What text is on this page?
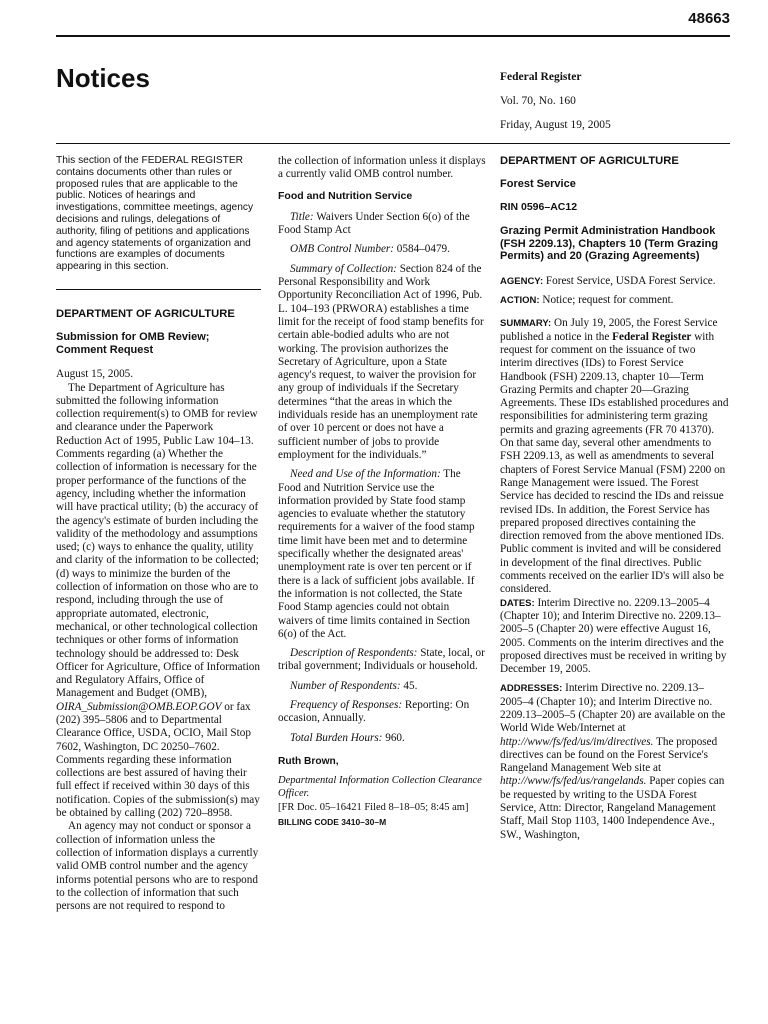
48663
Notices	Federal Register
Vol. 70, No. 160
Friday, August 19, 2005

This section of the FEDERAL REGISTER contains documents other than rules or proposed rules that are applicable to the public. Notices of hearings and investigations, committee meetings, agency decisions and rulings, delegations of authority, filing of petitions and applications and agency statements of organization and functions are examples of documents appearing in this section.

DEPARTMENT OF AGRICULTURE
Submission for OMB Review; Comment Request

August 15, 2005.

The Department of Agriculture has submitted the following information collection requirement(s) to OMB for review and clearance under the Paperwork Reduction Act of 1995, Public Law 104–13. Comments regarding (a) Whether the collection of information is necessary for the proper performance of the functions of the agency, including whether the information will have practical utility; (b) the accuracy of the agency's estimate of burden including the validity of the methodology and assumptions used; (c) ways to enhance the quality, utility and clarity of the information to be collected; (d) ways to minimize the burden of the collection of information on those who are to respond, including through the use of appropriate automated, electronic, mechanical, or other technological collection techniques or other forms of information technology should be addressed to: Desk Officer for Agriculture, Office of Information and Regulatory Affairs, Office of Management and Budget (OMB),
OIRA_Submission@OMB.EOP.GOV or fax (202) 395–5806 and to Departmental Clearance Office, USDA, OCIO, Mail Stop 7602, Washington, DC 20250–7602. Comments regarding these information collections are best assured of having their full effect if received within 30 days of this notification. Copies of the submission(s) may be obtained by calling (202) 720–8958.

An agency may not conduct or sponsor a collection of information unless the collection of information displays a currently valid OMB control number and the agency informs potential persons who are to respond to the collection of information that such persons are not required to respond to

the collection of information unless it displays a currently valid OMB control number.

Food and Nutrition Service

Title: Waivers Under Section 6(o) of the Food Stamp Act

OMB Control Number: 0584–0479.

Summary of Collection: Section 824 of the Personal Responsibility and Work Opportunity Reconciliation Act of 1996, Pub. L. 104–193 (PRWORA) establishes a time limit for the receipt of food stamp benefits for certain able-bodied adults who are not working. The provision authorizes the Secretary of Agriculture, upon a State agency's request, to waiver the provision for any group of individuals if the Secretary determines “that the areas in which the individuals reside has an unemployment rate of over 10 percent or does not have a sufficient number of jobs to provide employment for the individuals.”

Need and Use of the Information: The Food and Nutrition Service use the information provided by State food stamp agencies to evaluate whether the statutory requirements for a waiver of the food stamp time limit have been met and to determine specifically whether the designated areas' unemployment rate is over ten percent or if there is a lack of sufficient jobs available. If the information is not collected, the State Food Stamp agencies could not obtain waivers of time limits contained in Section 6(o) of the Act.

Description of Respondents: State, local, or tribal government; Individuals or household.

Number of Respondents: 45.

Frequency of Responses: Reporting: On occasion, Annually.

Total Burden Hours: 960.

Ruth Brown,

Departmental Information Collection Clearance Officer.

[FR Doc. 05–16421 Filed 8–18–05; 8:45 am]

BILLING CODE 3410–30–M

DEPARTMENT OF AGRICULTURE
Forest Service
RIN 0596–AC12
Grazing Permit Administration Handbook (FSH 2209.13), Chapters 10 (Term Grazing Permits) and 20 (Grazing Agreements)

AGENCY: Forest Service, USDA Forest Service.

ACTION: Notice; request for comment.

SUMMARY: On July 19, 2005, the Forest Service published a notice in the Federal Register with request for comment on the issuance of two interim directives (IDs) to Forest Service Handbook (FSH) 2209.13, chapter 10—Term Grazing Permits and chapter 20—Grazing Agreements. These IDs established procedures and responsibilities for administering term grazing permits and grazing agreements (FR 70 41370). On that same day, several other amendments to FSH 2209.13, as well as amendments to several chapters of Forest Service Manual (FSM) 2200 on Range Management were issued. The Forest Service has decided to rescind the IDs and reissue revised IDs. In addition, the Forest Service has prepared proposed directives containing the direction removed from the above mentioned IDs. Public comment is invited and will be considered in development of the final directives. Public comments received on the earlier ID's will also be considered.

DATES: Interim Directive no. 2209.13–2005–4 (Chapter 10); and Interim Directive no. 2209.13–2005–5 (Chapter 20) were effective August 16, 2005. Comments on the interim directives and the proposed directives must be received in writing by December 19, 2005.

ADDRESSES: Interim Directive no. 2209.13–2005–4 (Chapter 10); and Interim Directive no. 2209.13–2005–5 (Chapter 20) are available on the World Wide Web/Internet at http://www/fs/fed/us/im/directives. The proposed directives can be found on the Forest Service's Rangeland Management Web site at http://www/fs/fed/us/rangelands. Paper copies can be requested by writing to the USDA Forest Service, Attn: Director, Rangeland Management Staff, Mail Stop 1103, 1400 Independence Ave., SW., Washington,
